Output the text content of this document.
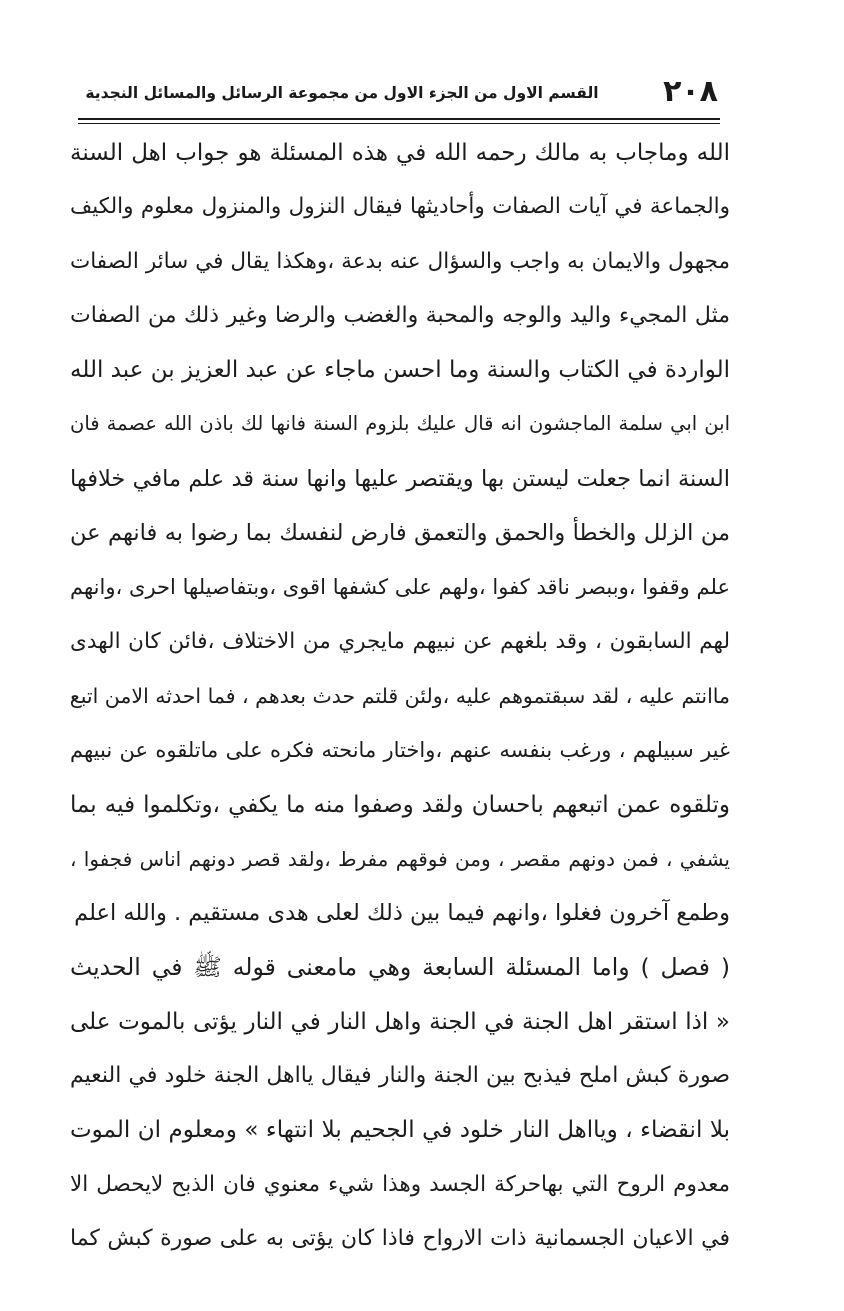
٢٠٨
القسم الاول من الجزء الاول من مجموعة الرسائل والمسائل النجدية
الله وماجاب به مالك رحمه الله في هذه المسئلة هو جواب اهل السنة
والجماعة في آيات الصفات وأحاديثها فيقال النزول والمنزول معلوم والكيف
مجهول والايمان به واجب والسؤال عنه بدعة ،وهكذا يقال في سائر الصفات
مثل المجيء واليد والوجه والمحبة والغضب والرضا وغير ذلك من الصفات
الواردة في الكتاب والسنة وما احسن ماجاء عن عبد العزيز بن عبد الله
ابن ابي سلمة الماجشون انه قال عليك بلزوم السنة فانها لك باذن الله عصمة فان
السنة انما جعلت ليستن بها ويقتصر عليها وانها سنة قد علم مافي خلافها
من الزلل والخطأ والحمق والتعمق فارض لنفسك بما رضوا به فانهم عن
علم وقفوا ،وببصر ناقد كفوا ،ولهم على كشفها اقوى ،وبتفاصيلها احرى ،وانهم
لهم السابقون ، وقد بلغهم عن نبيهم مايجري من الاختلاف ،فائن كان الهدى
ماانتم عليه ، لقد سبقتموهم عليه ،ولئن قلتم حدث بعدهم ، فما احدثه الامن اتبع
غير سبيلهم ، ورغب بنفسه عنهم ،واختار مانحته فكره على ماتلقوه عن نبيهم
وتلقوه عمن اتبعهم باحسان ولقد وصفوا منه ما يكفي ،وتكلموا فيه بما
يشفي ، فمن دونهم مقصر ، ومن فوقهم مفرط ،ولقد قصر دونهم اناس فجفوا ،
وطمع آخرون فغلوا ،وانهم فيما بين ذلك لعلى هدى مستقيم . والله اعلم
( فصل ) واما المسئلة السابعة وهي مامعنى قوله ﷺ في الحديث
« اذا استقر اهل الجنة في الجنة واهل النار في النار يؤتى بالموت على
صورة كبش املح فيذبح بين الجنة والنار فيقال يااهل الجنة خلود في النعيم
بلا انقضاء ، ويااهل النار خلود في الجحيم بلا انتهاء » ومعلوم ان الموت
معدوم الروح التي بهاحركة الجسد وهذا شيء معنوي فان الذبح لايحصل الا
في الاعيان الجسمانية ذات الارواح فاذا كان يؤتى به على صورة كبش كما
